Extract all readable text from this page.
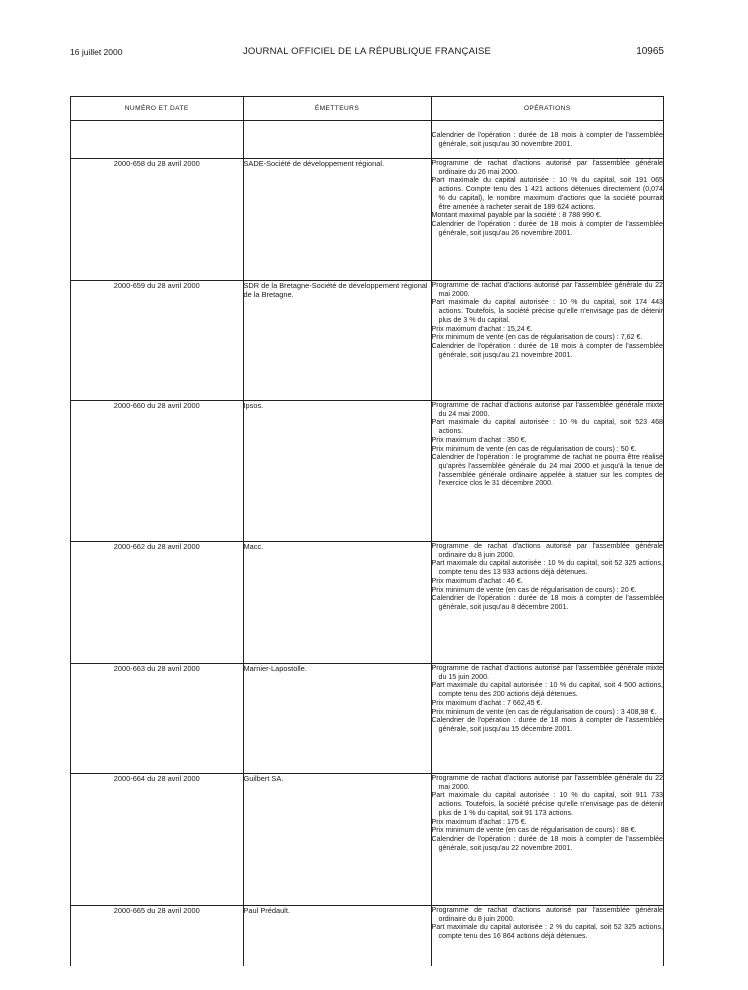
16 juillet 2000	JOURNAL OFFICIEL DE LA RÉPUBLIQUE FRANÇAISE	10965
NUMÉRO ET DATE	ÉMETTEURS	OPÉRATIONS

		Calendrier de l'opération : durée de 18 mois à compter de l'assemblée générale, soit jusqu'au 30 novembre 2001.

2000-658 du 28 avril 2000	SADE-Société de développement régional.	Programme de rachat d'actions autorisé par l'assemblée générale ordinaire du 26 mai 2000.
Part maximale du capital autorisée : 10 % du capital, soit 191 065 actions. Compte tenu des 1 421 actions détenues directement (0,074 % du capital), le nombre maximum d'actions que la société pourrait être amenée à racheter serait de 189 624 actions.
Montant maximal payable par la société : 8 788 990 €.
Calendrier de l'opération : durée de 18 mois à compter de l'assemblée générale, soit jusqu'au 26 novembre 2001.

2000-659 du 28 avril 2000	SDR de la Bretagne-Société de développement régional de la Bretagne.	Programme de rachat d'actions autorisé par l'assemblée générale du 22 mai 2000.
Part maximale du capital autorisée : 10 % du capital, soit 174 443 actions. Toutefois, la société précise qu'elle n'envisage pas de détenir plus de 3 % du capital.
Prix maximum d'achat : 15,24 €.
Prix minimum de vente (en cas de régularisation de cours) : 7,62 €.
Calendrier de l'opération : durée de 18 mois à compter de l'assemblée générale, soit jusqu'au 21 novembre 2001.

2000-660 du 28 avril 2000	Ipsos.	Programme de rachat d'actions autorisé par l'assemblée générale mixte du 24 mai 2000.
Part maximale du capital autorisée : 10 % du capital, soit 523 468 actions.
Prix maximum d'achat : 350 €.
Prix minimum de vente (en cas de régularisation de cours) : 50 €.
Calendrier de l'opération : le programme de rachat ne pourra être réalisé qu'après l'assemblée générale du 24 mai 2000 et jusqu'à la tenue de l'assemblée générale ordinaire appelée à statuer sur les comptes de l'exercice clos le 31 décembre 2000.

2000-662 du 28 avril 2000	Macc.	Programme de rachat d'actions autorisé par l'assemblée générale ordinaire du 8 juin 2000.
Part maximale du capital autorisée : 10 % du capital, soit 52 325 actions, compte tenu des 13 933 actions déjà détenues.
Prix maximum d'achat : 46 €.
Prix minimum de vente (en cas de régularisation de cours) : 20 €.
Calendrier de l'opération : durée de 18 mois à compter de l'assemblée générale, soit jusqu'au 8 décembre 2001.

2000-663 du 28 avril 2000	Marnier-Lapostolle.	Programme de rachat d'actions autorisé par l'assemblée générale mixte du 15 juin 2000.
Part maximale du capital autorisée : 10 % du capital, soit 4 500 actions, compte tenu des 200 actions déjà détenues.
Prix maximum d'achat : 7 662,45 €.
Prix minimum de vente (en cas de régularisation de cours) : 3 408,98 €.
Calendrier de l'opération : durée de 18 mois à compter de l'assemblée générale, soit jusqu'au 15 décembre 2001.

2000-664 du 28 avril 2000	Guilbert SA.	Programme de rachat d'actions autorisé par l'assemblée générale du 22 mai 2000.
Part maximale du capital autorisée : 10 % du capital, soit 911 733 actions. Toutefois, la société précise qu'elle n'envisage pas de détenir plus de 1 % du capital, soit 91 173 actions.
Prix maximum d'achat : 175 €.
Prix minimum de vente (en cas de régularisation de cours) : 88 €.
Calendrier de l'opération : durée de 18 mois à compter de l'assemblée générale, soit jusqu'au 22 novembre 2001.

2000-665 du 28 avril 2000	Paul Prédault.	Programme de rachat d'actions autorisé par l'assemblée générale ordinaire du 8 juin 2000.
Part maximale du capital autorisée : 2 % du capital, soit 52 325 actions, compte tenu des 16 864 actions déjà détenues.
